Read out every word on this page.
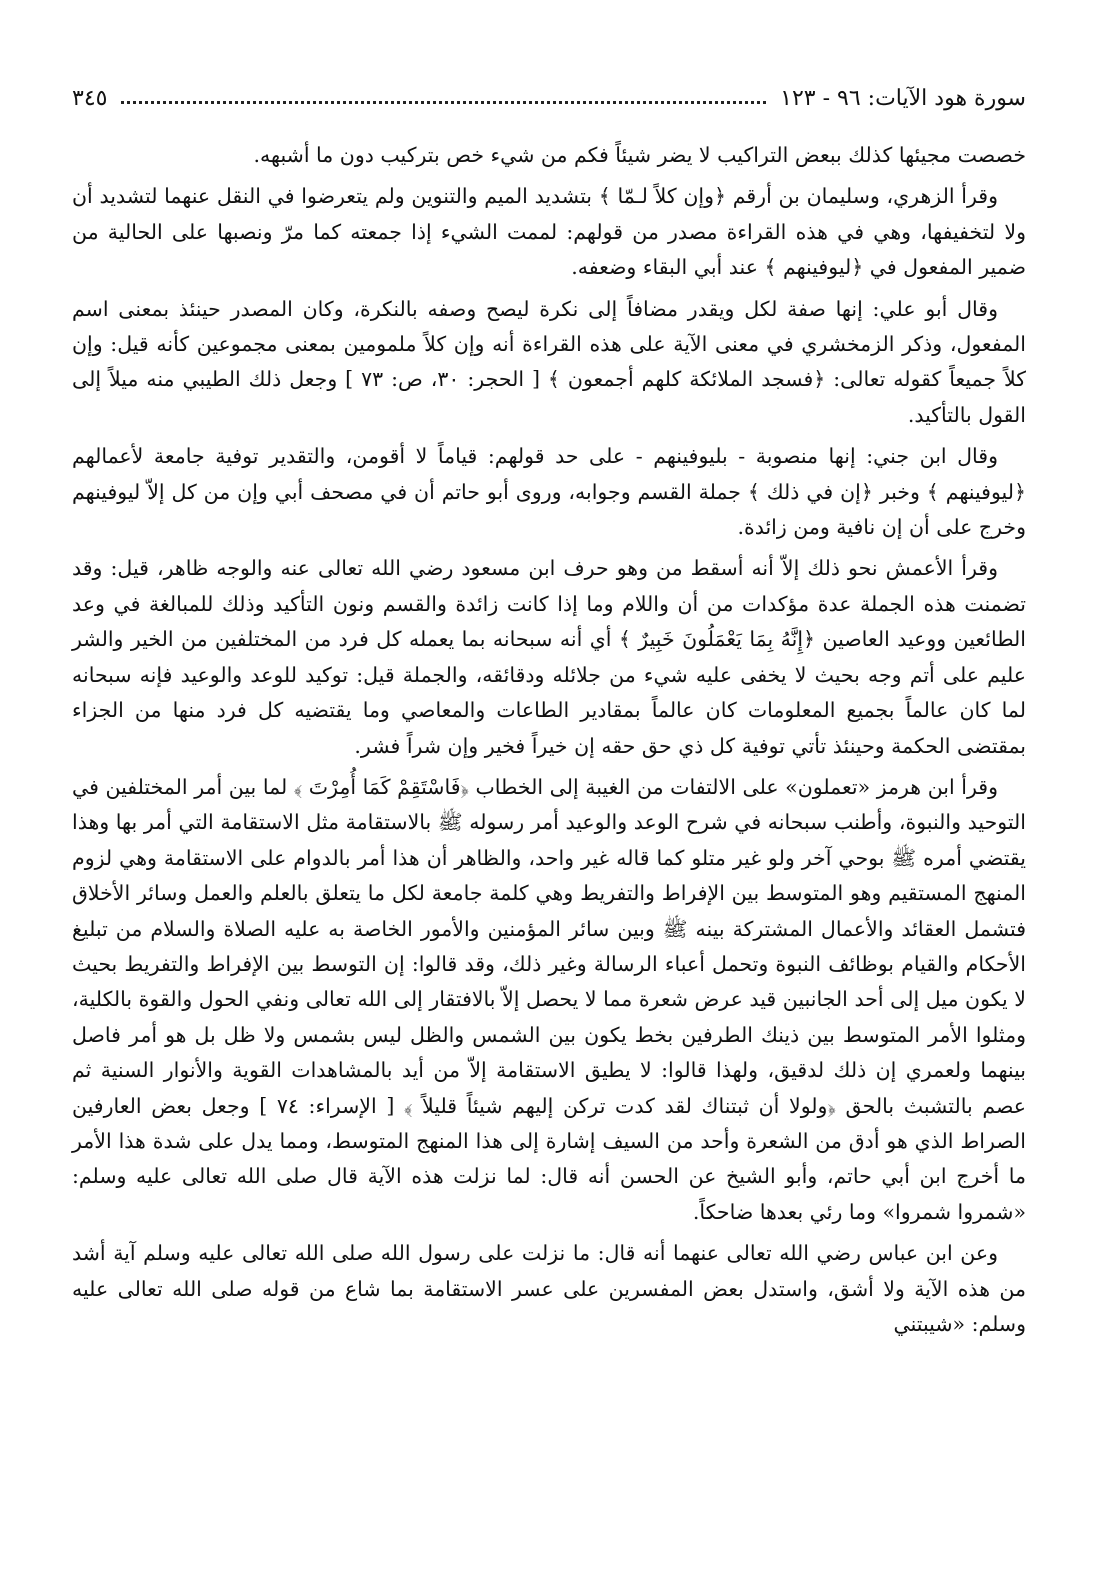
سورة هود الآيات: ٩٦ - ١٢٣
٣٤٥

خصصت مجيئها كذلك ببعض التراكيب لا يضر شيئاً فكم من شيء خص بتركيب دون ما أشبهه.

وقرأ الزهري، وسليمان بن أرقم ﴿وإن كلاً لـمّا ﴾ بتشديد الميم والتنوين ولم يتعرضوا في النقل عنهما لتشديد أن ولا لتخفيفها، وهي في هذه القراءة مصدر من قولهم: لممت الشيء إذا جمعته كما مرّ ونصبها على الحالية من ضمير المفعول في ﴿ليوفينهم ﴾ عند أبي البقاء وضعفه.

وقال أبو علي: إنها صفة لكل ويقدر مضافاً إلى نكرة ليصح وصفه بالنكرة، وكان المصدر حينئذ بمعنى اسم المفعول، وذكر الزمخشري في معنى الآية على هذه القراءة أنه وإن كلاً ملمومين بمعنى مجموعين كأنه قيل: وإن كلاً جميعاً كقوله تعالى: ﴿فسجد الملائكة كلهم أجمعون ﴾ [ الحجر: ٣٠، ص: ٧٣ ] وجعل ذلك الطيبي منه ميلاً إلى القول بالتأكيد.

وقال ابن جني: إنها منصوبة - بليوفينهم - على حد قولهم: قياماً لا أقومن، والتقدير توفية جامعة لأعمالهم ﴿ليوفينهم ﴾ وخبر ﴿إن في ذلك ﴾ جملة القسم وجوابه، وروى أبو حاتم أن في مصحف أبي وإن من كل إلاّ ليوفينهم وخرج على أن إن نافية ومن زائدة.

وقرأ الأعمش نحو ذلك إلاّ أنه أسقط من وهو حرف ابن مسعود رضي الله تعالى عنه والوجه ظاهر، قيل: وقد تضمنت هذه الجملة عدة مؤكدات من أن واللام وما إذا كانت زائدة والقسم ونون التأكيد وذلك للمبالغة في وعد الطائعين ووعيد العاصين ﴿إِنَّهُ بِمَا يَعْمَلُونَ خَبِيرٌ ﴾ أي أنه سبحانه بما يعمله كل فرد من المختلفين من الخير والشر عليم على أتم وجه بحيث لا يخفى عليه شيء من جلائله ودقائقه، والجملة قيل: توكيد للوعد والوعيد فإنه سبحانه لما كان عالماً بجميع المعلومات كان عالماً بمقادير الطاعات والمعاصي وما يقتضيه كل فرد منها من الجزاء بمقتضى الحكمة وحينئذ تأتي توفية كل ذي حق حقه إن خيراً فخير وإن شراً فشر.

وقرأ ابن هرمز «تعملون» على الالتفات من الغيبة إلى الخطاب ﴿فَاسْتَقِمْ كَمَا أُمِرْتَ ﴾ لما بين أمر المختلفين في التوحيد والنبوة، وأطنب سبحانه في شرح الوعد والوعيد أمر رسوله ﷺ بالاستقامة مثل الاستقامة التي أمر بها وهذا يقتضي أمره ﷺ بوحي آخر ولو غير متلو كما قاله غير واحد، والظاهر أن هذا أمر بالدوام على الاستقامة وهي لزوم المنهج المستقيم وهو المتوسط بين الإفراط والتفريط وهي كلمة جامعة لكل ما يتعلق بالعلم والعمل وسائر الأخلاق فتشمل العقائد والأعمال المشتركة بينه ﷺ وبين سائر المؤمنين والأمور الخاصة به عليه الصلاة والسلام من تبليغ الأحكام والقيام بوظائف النبوة وتحمل أعباء الرسالة وغير ذلك، وقد قالوا: إن التوسط بين الإفراط والتفريط بحيث لا يكون ميل إلى أحد الجانبين قيد عرض شعرة مما لا يحصل إلاّ بالافتقار إلى الله تعالى ونفي الحول والقوة بالكلية، ومثلوا الأمر المتوسط بين ذينك الطرفين بخط يكون بين الشمس والظل ليس بشمس ولا ظل بل هو أمر فاصل بينهما ولعمري إن ذلك لدقيق، ولهذا قالوا: لا يطيق الاستقامة إلاّ من أيد بالمشاهدات القوية والأنوار السنية ثم عصم بالتشبث بالحق ﴿ولولا أن ثبتناك لقد كدت تركن إليهم شيئاً قليلاً ﴾ [ الإسراء: ٧٤ ] وجعل بعض العارفين الصراط الذي هو أدق من الشعرة وأحد من السيف إشارة إلى هذا المنهج المتوسط، ومما يدل على شدة هذا الأمر ما أخرج ابن أبي حاتم، وأبو الشيخ عن الحسن أنه قال: لما نزلت هذه الآية قال صلى الله تعالى عليه وسلم: «شمروا شمروا» وما رئي بعدها ضاحكاً.

وعن ابن عباس رضي الله تعالى عنهما أنه قال: ما نزلت على رسول الله صلى الله تعالى عليه وسلم آية أشد من هذه الآية ولا أشق، واستدل بعض المفسرين على عسر الاستقامة بما شاع من قوله صلى الله تعالى عليه وسلم: «شيبتني
